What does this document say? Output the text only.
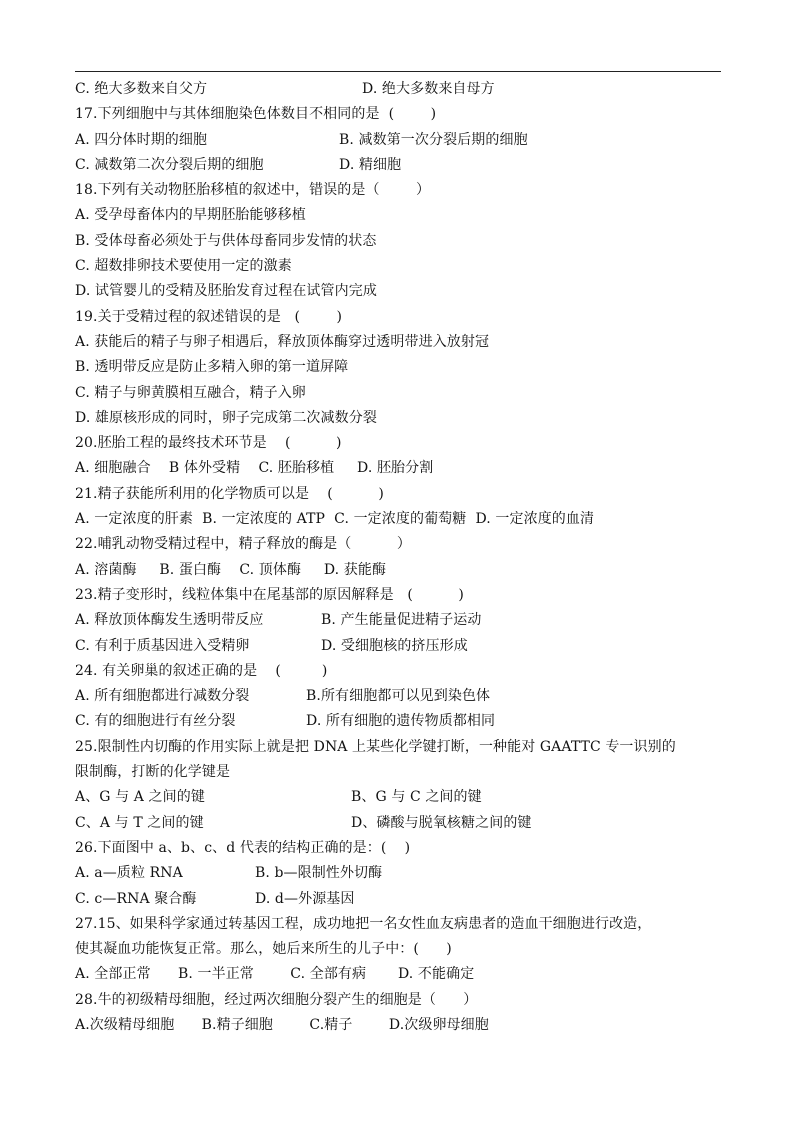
C. 绝大多数来自父方	D. 绝大多数来自母方
17.下列细胞中与其体细胞染色体数目不相同的是  (        )
A. 四分体时期的细胞	B. 减数第一次分裂后期的细胞
C. 减数第二次分裂后期的细胞	D. 精细胞
18.下列有关动物胚胎移植的叙述中，错误的是（        ）
A. 受孕母畜体内的早期胚胎能够移植
B. 受体母畜必须处于与供体母畜同步发情的状态
C. 超数排卵技术要使用一定的激素
D. 试管婴儿的受精及胚胎发育过程在试管内完成
19.关于受精过程的叙述错误的是   (        )
A. 获能后的精子与卵子相遇后，释放顶体酶穿过透明带进入放射冠
B. 透明带反应是防止多精入卵的第一道屏障
C. 精子与卵黄膜相互融合，精子入卵
D. 雄原核形成的同时，卵子完成第二次减数分裂
20.胚胎工程的最终技术环节是    (          )
A. 细胞融合    B 体外受精    C. 胚胎移植     D. 胚胎分割
21.精子获能所利用的化学物质可以是    (          )
A. 一定浓度的肝素  B. 一定浓度的 ATP  C. 一定浓度的葡萄糖  D. 一定浓度的血清
22.哺乳动物受精过程中，精子释放的酶是（          ）
A. 溶菌酶     B. 蛋白酶    C. 顶体酶     D. 获能酶
23.精子变形时，线粒体集中在尾基部的原因解释是   (          )
A. 释放顶体酶发生透明带反应	B. 产生能量促进精子运动
C. 有利于质基因进入受精卵	D. 受细胞核的挤压形成
24. 有关卵巢的叙述正确的是    (         )
A. 所有细胞都进行减数分裂	B.所有细胞都可以见到染色体
C. 有的细胞进行有丝分裂	D. 所有细胞的遗传物质都相同
25.限制性内切酶的作用实际上就是把 DNA 上某些化学键打断，一种能对 GAATTC 专一识别的
限制酶，打断的化学键是
A、G 与 A 之间的键	B、G 与 C 之间的键
C、A 与 T 之间的键	D、磷酸与脱氧核糖之间的键
26.下面图中 a、b、c、d 代表的结构正确的是：(    )
A. a—质粒 RNA	B. b—限制性外切酶
C. c—RNA 聚合酶	D. d—外源基因
27.15、如果科学家通过转基因工程，成功地把一名女性血友病患者的造血干细胞进行改造，
使其凝血功能恢复正常。那么，她后来所生的儿子中：(      )
A. 全部正常      B. 一半正常        C. 全部有病       D. 不能确定
28.牛的初级精母细胞，经过两次细胞分裂产生的细胞是（      ）
A.次级精母细胞      B.精子细胞        C.精子        D.次级卵母细胞
